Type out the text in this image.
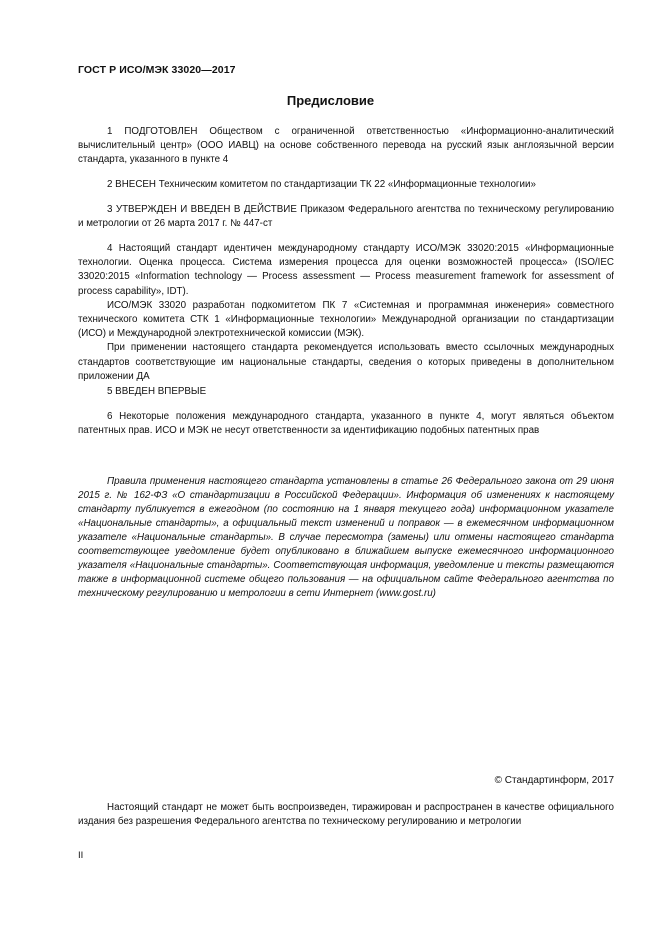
ГОСТ Р ИСО/МЭК 33020—2017
Предисловие

1 ПОДГОТОВЛЕН Обществом с ограниченной ответственностью «Информационно-аналитический вычислительный центр» (ООО ИАВЦ) на основе собственного перевода на русский язык англоязычной версии стандарта, указанного в пункте 4

2 ВНЕСЕН Техническим комитетом по стандартизации ТК 22 «Информационные технологии»

3 УТВЕРЖДЕН И ВВЕДЕН В ДЕЙСТВИЕ Приказом Федерального агентства по техническому регулированию и метрологии от 26 марта 2017 г. № 447-ст

4 Настоящий стандарт идентичен международному стандарту ИСО/МЭК 33020:2015 «Информационные технологии. Оценка процесса. Система измерения процесса для оценки возможностей процесса» (ISO/IEC 33020:2015 «Information technology — Process assessment — Process measurement framework for assessment of process capability», IDT).

ИСО/МЭК 33020 разработан подкомитетом ПК 7 «Системная и программная инженерия» совместного технического комитета СТК 1 «Информационные технологии» Международной организации по стандартизации (ИСО) и Международной электротехнической комиссии (МЭК).

При применении настоящего стандарта рекомендуется использовать вместо ссылочных международных стандартов соответствующие им национальные стандарты, сведения о которых приведены в дополнительном приложении ДА

5 ВВЕДЕН ВПЕРВЫЕ

6 Некоторые положения международного стандарта, указанного в пункте 4, могут являться объектом патентных прав. ИСО и МЭК не несут ответственности за идентификацию подобных патентных прав

Правила применения настоящего стандарта установлены в статье 26 Федерального закона от 29 июня 2015 г. № 162-ФЗ «О стандартизации в Российской Федерации». Информация об изменениях к настоящему стандарту публикуется в ежегодном (по состоянию на 1 января текущего года) информационном указателе «Национальные стандарты», а официальный текст изменений и поправок — в ежемесячном информационном указателе «Национальные стандарты». В случае пересмотра (замены) или отмены настоящего стандарта соответствующее уведомление будет опубликовано в ближайшем выпуске ежемесячного информационного указателя «Национальные стандарты». Соответствующая информация, уведомление и тексты размещаются также в информационной системе общего пользования — на официальном сайте Федерального агентства по техническому регулированию и метрологии в сети Интернет (www.gost.ru)

© Стандартинформ, 2017

Настоящий стандарт не может быть воспроизведен, тиражирован и распространен в качестве официального издания без разрешения Федерального агентства по техническому регулированию и метрологии

II
